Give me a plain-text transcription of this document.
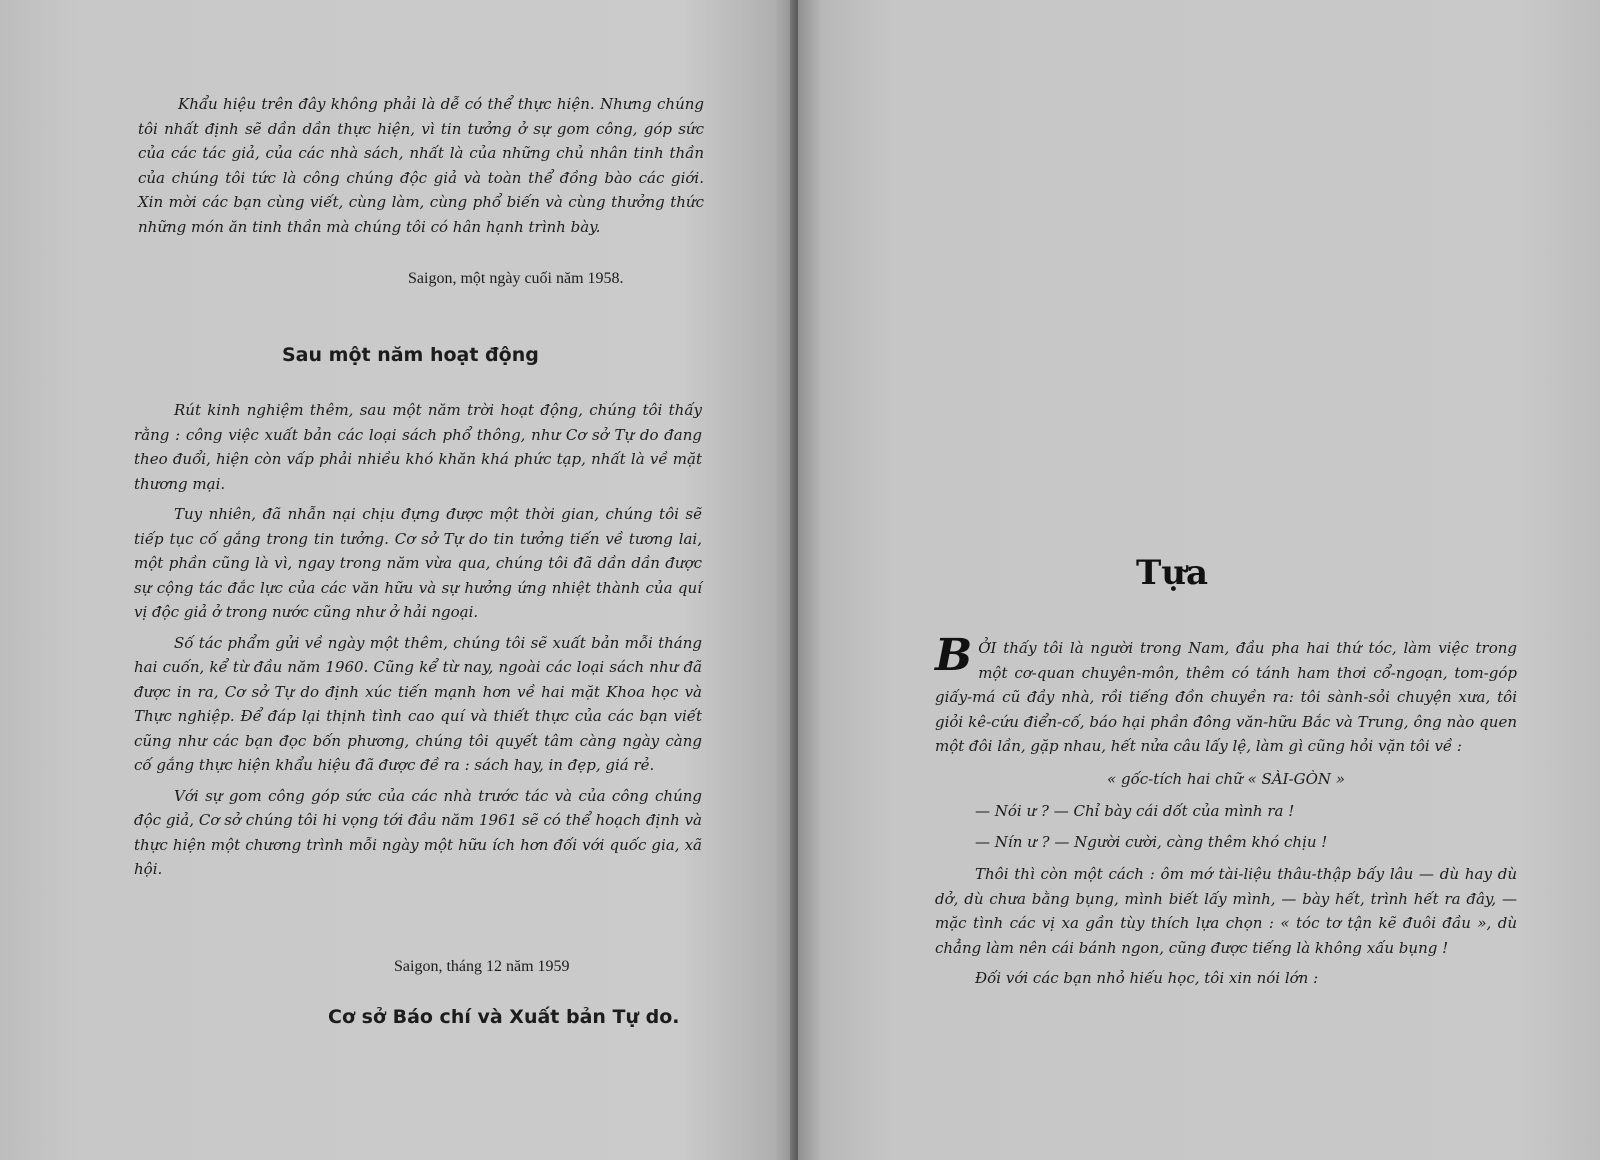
Khẩu hiệu trên đây không phải là dễ có thể thực hiện. Nhưng chúng tôi nhất định sẽ dần dần thực hiện, vì tin tưởng ở sự gom công, góp sức của các tác giả, của các nhà sách, nhất là của những chủ nhân tinh thần của chúng tôi tức là công chúng độc giả và toàn thể đồng bào các giới. Xin mời các bạn cùng viết, cùng làm, cùng phổ biến và cùng thưởng thức những món ăn tinh thần mà chúng tôi có hân hạnh trình bày.

Saigon, một ngày cuối năm 1958.
Sau một năm hoạt động

Rút kinh nghiệm thêm, sau một năm trời hoạt động, chúng tôi thấy rằng : công việc xuất bản các loại sách phổ thông, như Cơ sở Tự do đang theo đuổi, hiện còn vấp phải nhiều khó khăn khá phức tạp, nhất là về mặt thương mại.

Tuy nhiên, đã nhẫn nại chịu đựng được một thời gian, chúng tôi sẽ tiếp tục cố gắng trong tin tưởng. Cơ sở Tự do tin tưởng tiến về tương lai, một phần cũng là vì, ngay trong năm vừa qua, chúng tôi đã dần dần được sự cộng tác đắc lực của các văn hữu và sự hưởng ứng nhiệt thành của quí vị độc giả ở trong nước cũng như ở hải ngoại.

Số tác phẩm gửi về ngày một thêm, chúng tôi sẽ xuất bản mỗi tháng hai cuốn, kể từ đầu năm 1960. Cũng kể từ nay, ngoài các loại sách như đã được in ra, Cơ sở Tự do định xúc tiến mạnh hơn về hai mặt Khoa học và Thực nghiệp. Để đáp lại thịnh tình cao quí và thiết thực của các bạn viết cũng như các bạn đọc bốn phương, chúng tôi quyết tâm càng ngày càng cố gắng thực hiện khẩu hiệu đã được đề ra : sách hay, in đẹp, giá rẻ.

Với sự gom công góp sức của các nhà trước tác và của công chúng độc giả, Cơ sở chúng tôi hi vọng tới đầu năm 1961 sẽ có thể hoạch định và thực hiện một chương trình mỗi ngày một hữu ích hơn đối với quốc gia, xã hội.

Saigon, tháng 12 năm 1959
Cơ sở Báo chí và Xuất bản Tự do.
Tựa

BỞI thấy tôi là người trong Nam, đầu pha hai thứ tóc, làm việc trong một cơ-quan chuyên-môn, thêm có tánh ham thơi cổ-ngoạn, tom-góp giấy-má cũ đầy nhà, rồi tiếng đồn chuyền ra: tôi sành-sỏi chuyện xưa, tôi giỏi kê-cứu điển-cố, báo hại phần đông văn-hữu Bắc và Trung, ông nào quen một đôi lần, gặp nhau, hết nửa câu lấy lệ, làm gì cũng hỏi vặn tôi về :

« gốc-tích hai chữ « SÀI-GÒN »

— Nói ư ? — Chỉ bày cái dốt của mình ra !

— Nín ư ? — Người cười, càng thêm khó chịu !

Thôi thì còn một cách : ôm mớ tài-liệu thâu-thập bấy lâu — dù hay dù dở, dù chưa bằng bụng, mình biết lấy mình, — bày hết, trình hết ra đây, — mặc tình các vị xa gần tùy thích lựa chọn : « tóc tơ tận kẽ đuôi đầu », dù chẳng làm nên cái bánh ngon, cũng được tiếng là không xấu bụng !

Đối với các bạn nhỏ hiếu học, tôi xin nói lớn :
